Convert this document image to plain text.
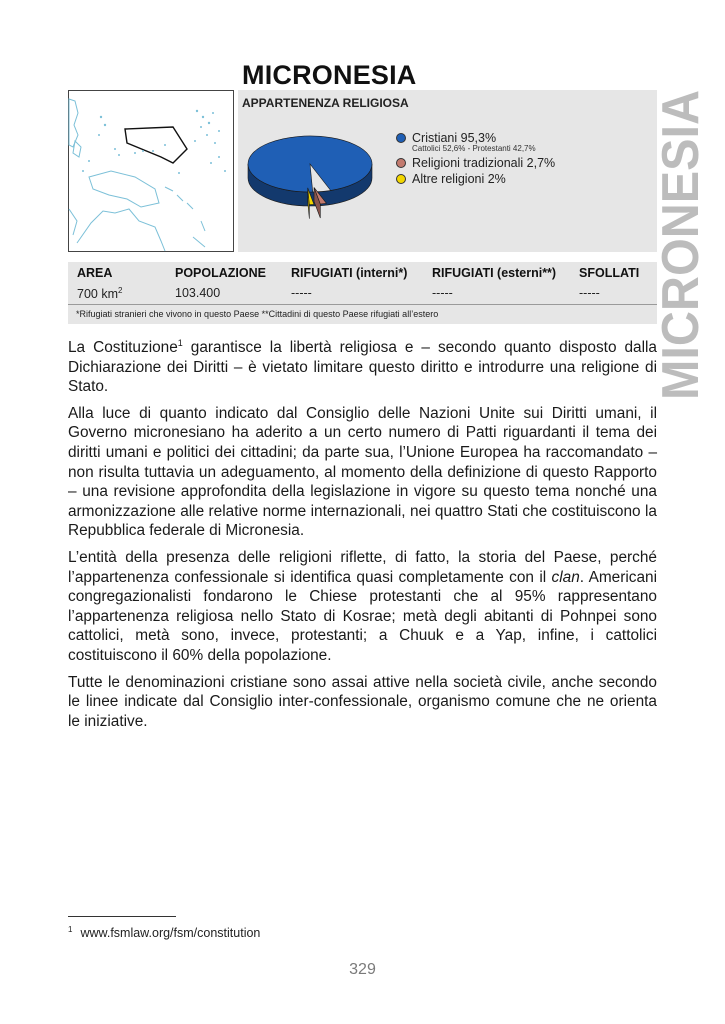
MICRONESIA	MICRONESIA
APPARTENENZA RELIGIOSA
Cristiani 95,3%
Cattolici 52,6% - Protestanti 42,7%
Religioni tradizionali 2,7%
Altre religioni 2%
AREA
700 $km^2$
POPOLAZIONE
103.400
RIFUGIATI (interni*)
-----
RIFUGIATI (esterni**)
-----
SFOLLATI
-----
*Rifugiati stranieri che vivono in questo Paese **Cittadini di questo Paese rifugiati all’estero

La Costituzione$^1$ garantisce la libertà religiosa e – secondo quanto disposto dalla Dichiarazione dei Diritti – è vietato limitare questo diritto e introdurre una religione di Stato.

Alla luce di quanto indicato dal Consiglio delle Nazioni Unite sui Diritti umani, il Governo micronesiano ha aderito a un certo numero di Patti riguardanti il tema dei diritti umani e politici dei cittadini; da parte sua, l’Unione Europea ha raccomandato – non risulta tuttavia un adeguamento, al momento della definizione di questo Rapporto – una revisione approfondita della legislazione in vigore su questo tema nonché una armonizzazione alle relative norme internazionali, nei quattro Stati che costituiscono la Repubblica federale di Micronesia.

L’entità della presenza delle religioni riflette, di fatto, la storia del Paese, perché l’appartenenza confessionale si identifica quasi completamente con il clan. Americani congregazionalisti fondarono le Chiese protestanti che al 95% rappresentano l’appartenenza religiosa nello Stato di Kosrae; metà degli abitanti di Pohnpei sono cattolici, metà sono, invece, protestanti; a Chuuk e a Yap, infine, i cattolici costituiscono il 60% della popolazione.

Tutte le denominazioni cristiane sono assai attive nella società civile, anche secondo le linee indicate dal Consiglio inter-confessionale, organismo comune che ne orienta le iniziative.

$^1$ www.fsmlaw.org/fsm/constitution
329
